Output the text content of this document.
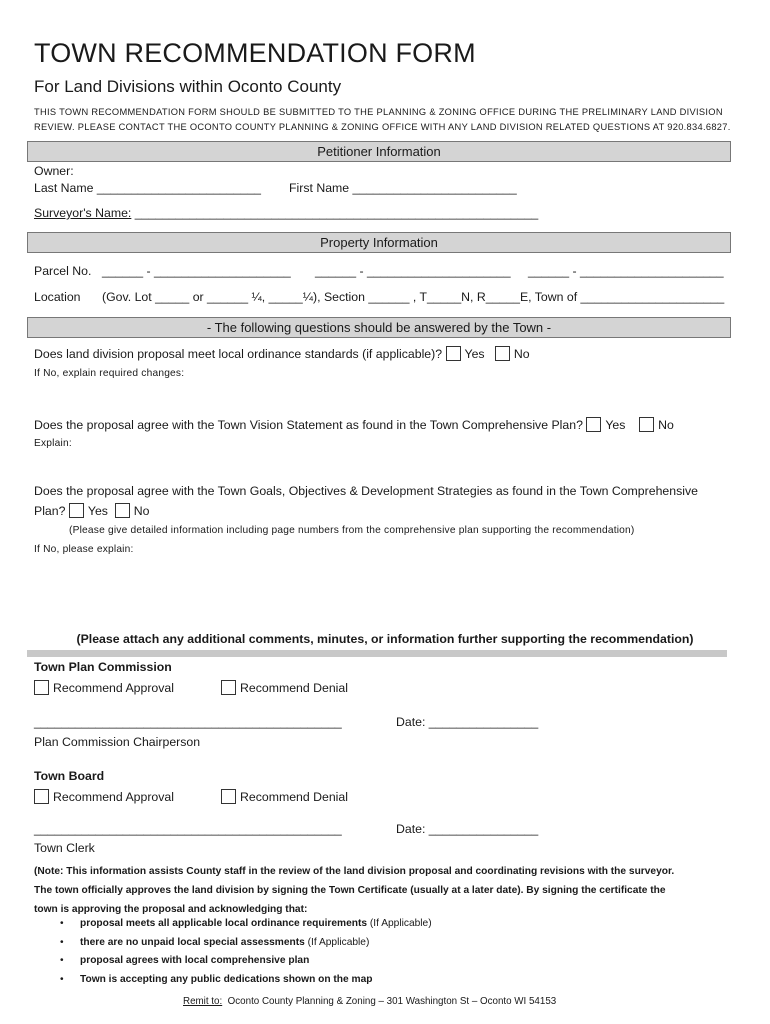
TOWN RECOMMENDATION FORM
For Land Divisions within Oconto County
THIS TOWN RECOMMENDATION FORM SHOULD BE SUBMITTED TO THE PLANNING & ZONING OFFICE DURING THE PRELIMINARY LAND DIVISION
REVIEW. PLEASE CONTACT THE OCONTO COUNTY PLANNING & ZONING OFFICE WITH ANY LAND DIVISION RELATED QUESTIONS AT 920.834.6827.
Petitioner Information
Owner:
Last Name ________________________ First Name ________________________
Surveyor's Name: ___________________________________________________________
Property Information
Parcel No. ______ - ____________________ ______ - _____________________ ______ - _____________________
Location (Gov. Lot _____ or ______ ¼, _____¼), Section ______ , T_____N, R_____E, Town of _____________________
- The following questions should be answered by the Town -
Does land division proposal meet local ordinance standards (if applicable)? Yes No
If No, explain required changes:
Does the proposal agree with the Town Vision Statement as found in the Town Comprehensive Plan? Yes	No
Explain:
Does the proposal agree with the Town Goals, Objectives & Development Strategies as found in the Town Comprehensive
Plan? Yes No
(Please give detailed information including page numbers from the comprehensive plan supporting the recommendation)
If No, please explain:
(Please attach any additional comments, minutes, or information further supporting the recommendation)
Town Plan Commission
Recommend Approval	Recommend Denial
_____________________________________________	Date: ________________
Plan Commission Chairperson
Town Board
Recommend Approval	Recommend Denial
_____________________________________________	Date: ________________
Town Clerk
(Note: This information assists County staff in the review of the land division proposal and coordinating revisions with the surveyor.
The town officially approves the land division by signing the Town Certificate (usually at a later date). By signing the certificate the
town is approving the proposal and acknowledging that:
• proposal meets all applicable local ordinance requirements (If Applicable)
• there are no unpaid local special assessments (If Applicable)
• proposal agrees with local comprehensive plan
• Town is accepting any public dedications shown on the map
Remit to:  Oconto County Planning & Zoning – 301 Washington St – Oconto WI 54153
